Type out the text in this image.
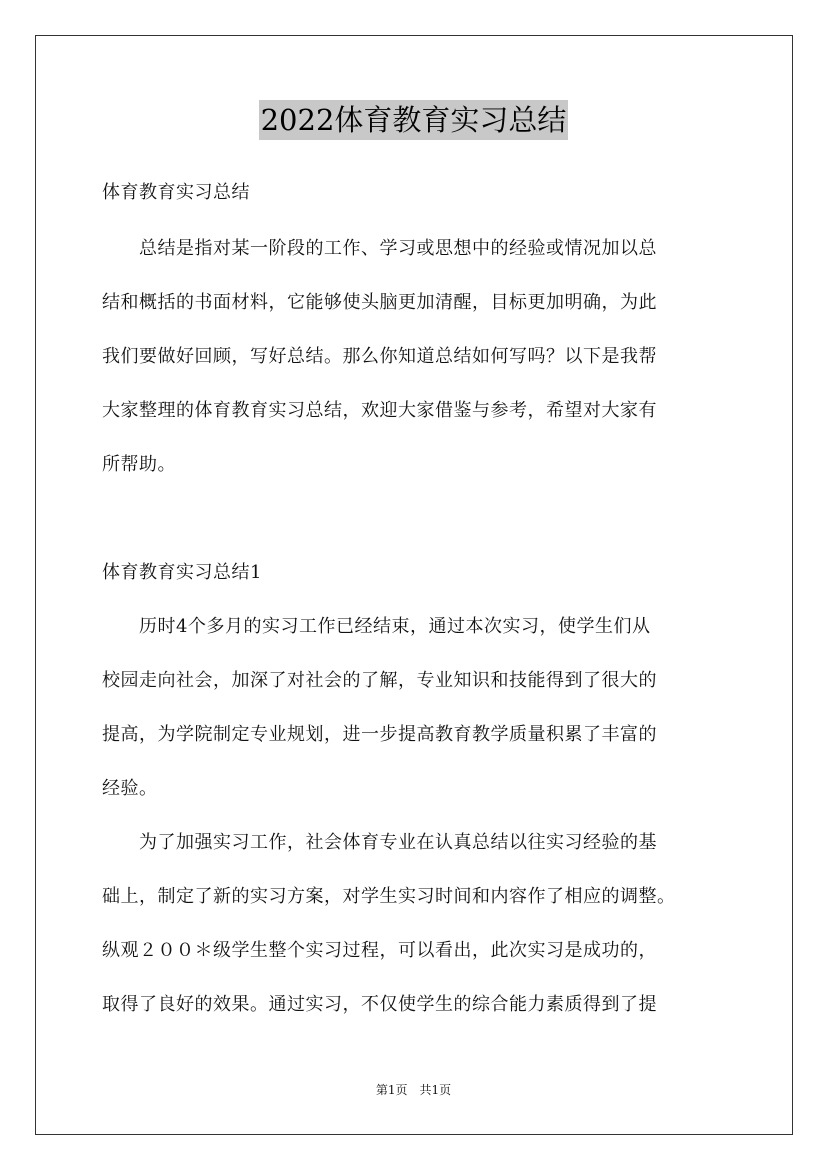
2022体育教育实习总结
体育教育实习总结
　　总结是指对某一阶段的工作、学习或思想中的经验或情况加以总
结和概括的书面材料，它能够使头脑更加清醒，目标更加明确，为此
我们要做好回顾，写好总结。那么你知道总结如何写吗？以下是我帮
大家整理的体育教育实习总结，欢迎大家借鉴与参考，希望对大家有
所帮助。
体育教育实习总结1
　　历时4个多月的实习工作已经结束，通过本次实习，使学生们从
校园走向社会，加深了对社会的了解，专业知识和技能得到了很大的
提高，为学院制定专业规划，进一步提高教育教学质量积累了丰富的
经验。
　　为了加强实习工作，社会体育专业在认真总结以往实习经验的基
础上，制定了新的实习方案，对学生实习时间和内容作了相应的调整。
纵观２００＊级学生整个实习过程，可以看出，此次实习是成功的，
取得了良好的效果。通过实习，不仅使学生的综合能力素质得到了提
第1页　共1页
